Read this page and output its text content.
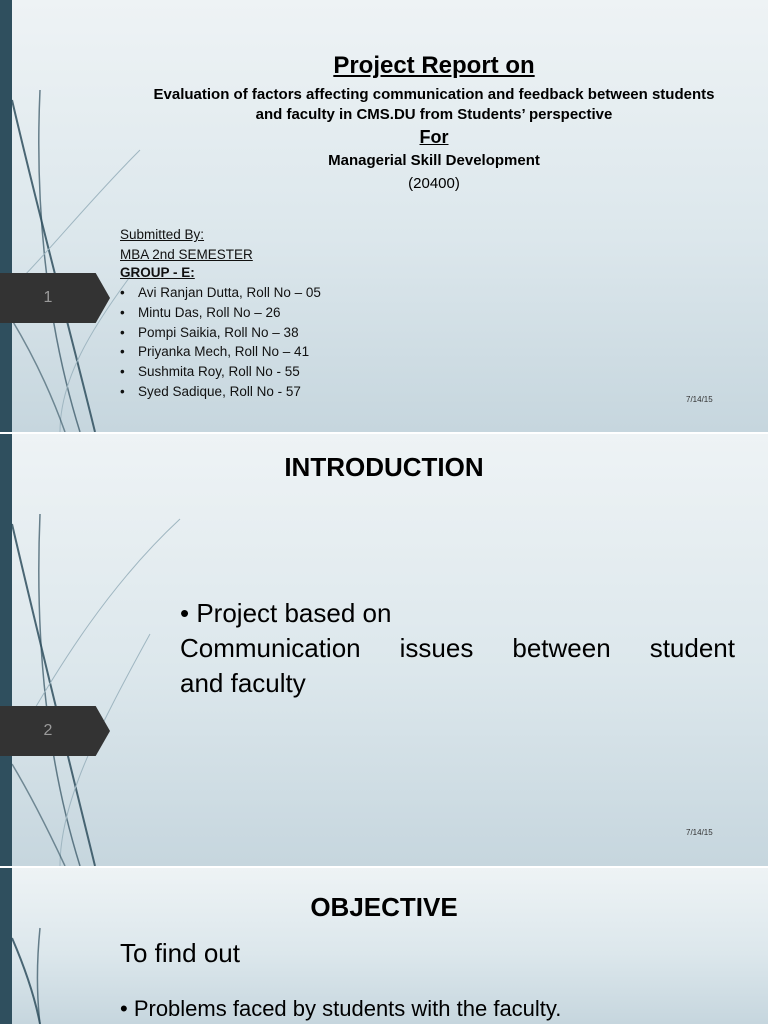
1
Project Report on
Evaluation of factors affecting communication and feedback between students
and faculty in CMS.DU from Students’ perspective
For
Managerial Skill Development
(20400)
Submitted By:
MBA 2nd SEMESTER
GROUP - E:
• Avi Ranjan Dutta, Roll No – 05
• Mintu Das, Roll No – 26
• Pompi Saikia, Roll No – 38
• Priyanka Mech, Roll No – 41
• Sushmita Roy, Roll No - 55
• Syed Sadique, Roll No - 57
7/14/15
2
INTRODUCTION
• Project based on
Communication issues between student
and faculty
7/14/15
OBJECTIVE
To find out
• Problems faced by students with the faculty.
